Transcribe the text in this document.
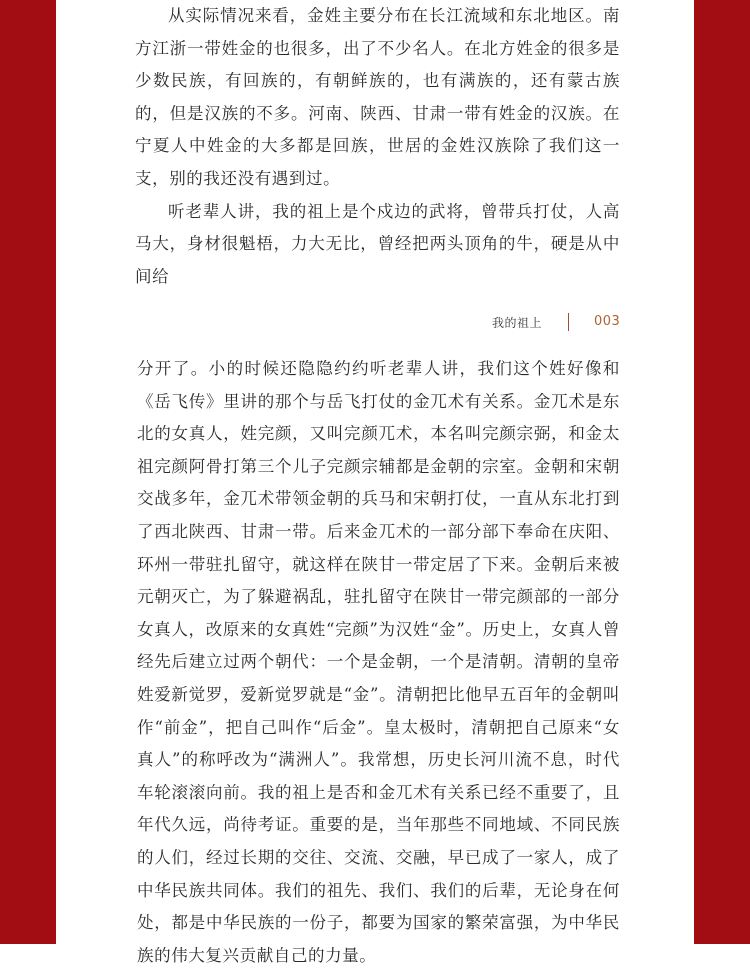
从实际情况来看，金姓主要分布在长江流域和东北地区。南方江浙一带姓金的也很多，出了不少名人。在北方姓金的很多是少数民族，有回族的，有朝鲜族的，也有满族的，还有蒙古族的，但是汉族的不多。河南、陕西、甘肃一带有姓金的汉族。在宁夏人中姓金的大多都是回族，世居的金姓汉族除了我们这一支，别的我还没有遇到过。

听老辈人讲，我的祖上是个戍边的武将，曾带兵打仗，人高马大，身材很魁梧，力大无比，曾经把两头顶角的牛，硬是从中间给

我的祖上	003

分开了。小的时候还隐隐约约听老辈人讲，我们这个姓好像和《岳飞传》里讲的那个与岳飞打仗的金兀术有关系。金兀术是东北的女真人，姓完颜，又叫完颜兀术，本名叫完颜宗弼，和金太祖完颜阿骨打第三个儿子完颜宗辅都是金朝的宗室。金朝和宋朝交战多年，金兀术带领金朝的兵马和宋朝打仗，一直从东北打到了西北陕西、甘肃一带。后来金兀术的一部分部下奉命在庆阳、环州一带驻扎留守，就这样在陕甘一带定居了下来。金朝后来被元朝灭亡，为了躲避祸乱，驻扎留守在陕甘一带完颜部的一部分女真人，改原来的女真姓“完颜”为汉姓“金”。历史上，女真人曾经先后建立过两个朝代：一个是金朝，一个是清朝。清朝的皇帝姓爱新觉罗，爱新觉罗就是“金”。清朝把比他早五百年的金朝叫作“前金”，把自己叫作“后金”。皇太极时，清朝把自己原来“女真人”的称呼改为“满洲人”。我常想，历史长河川流不息，时代车轮滚滚向前。我的祖上是否和金兀术有关系已经不重要了，且年代久远，尚待考证。重要的是，当年那些不同地域、不同民族的人们，经过长期的交往、交流、交融，早已成了一家人，成了中华民族共同体。我们的祖先、我们、我们的后辈，无论身在何处，都是中华民族的一份子，都要为国家的繁荣富强，为中华民族的伟大复兴贡献自己的力量。
